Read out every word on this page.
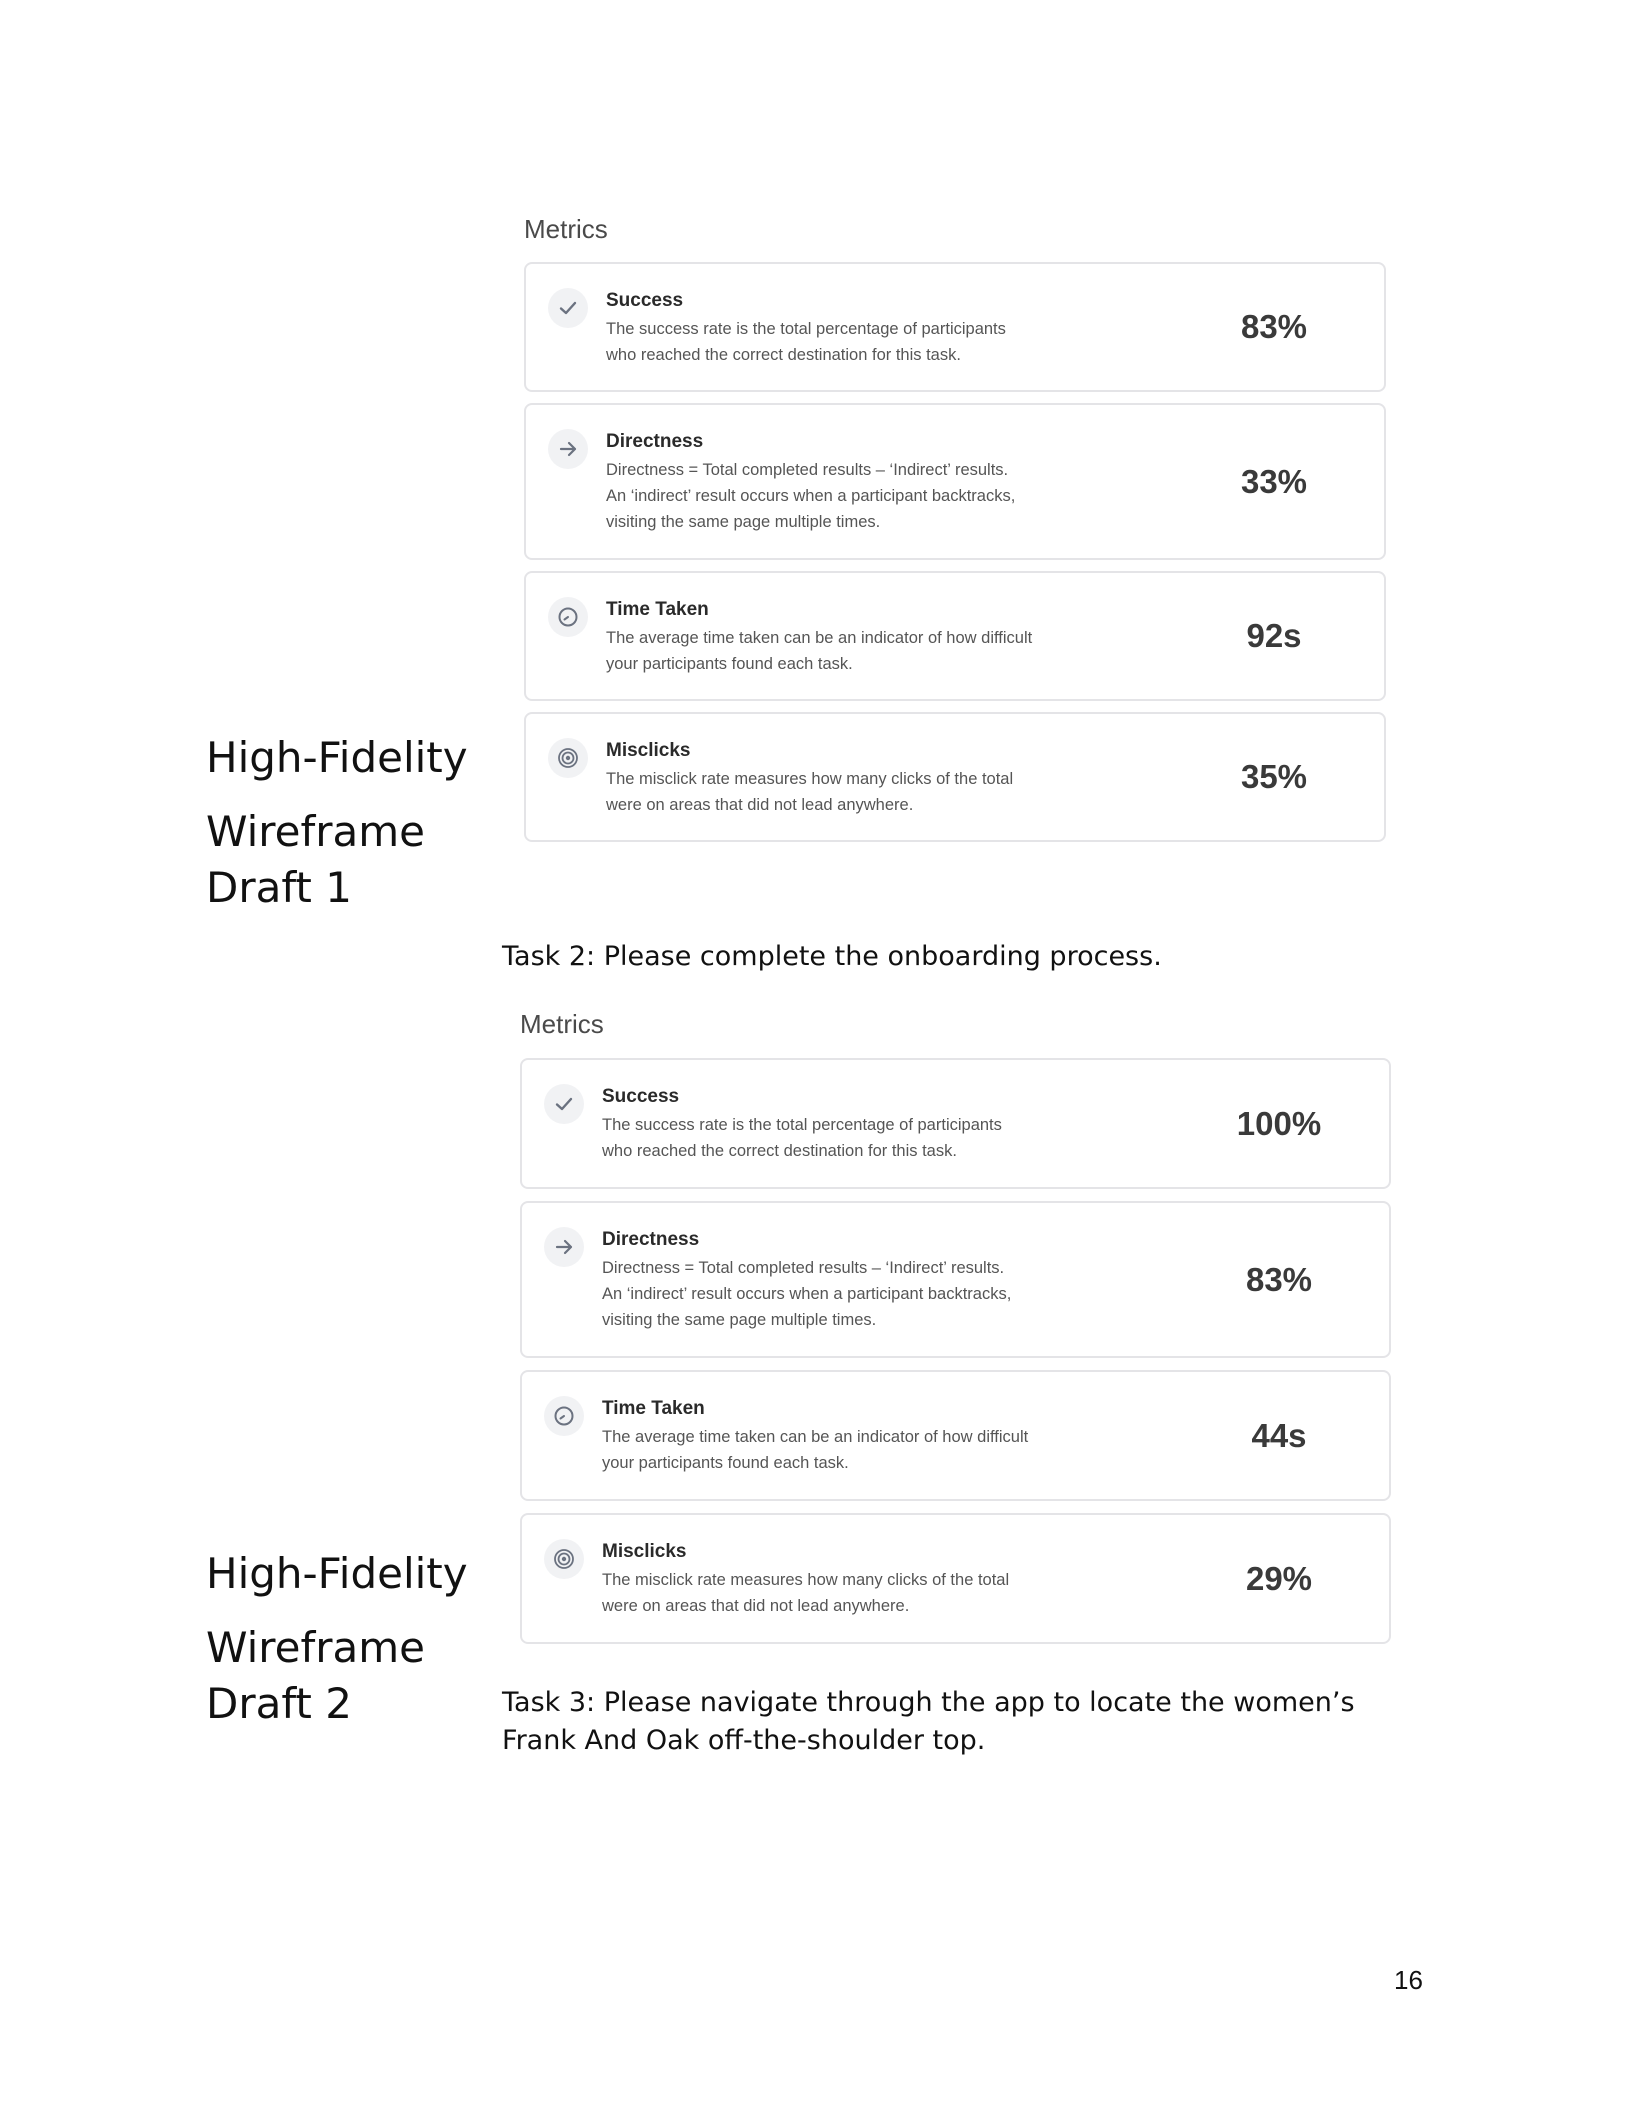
High-Fidelity

Wireframe

Draft 1

Metrics
Success
The success rate is the total percentage of participants
who reached the correct destination for this task.
83%
Directness
Directness = Total completed results – ‘Indirect’ results.
An ‘indirect’ result occurs when a participant backtracks,
visiting the same page multiple times.
33%
Time Taken
The average time taken can be an indicator of how difficult
your participants found each task.
92s
Misclicks
The misclick rate measures how many clicks of the total
were on areas that did not lead anywhere.
35%

Task 2: Please complete the onboarding process.

Metrics
Success
The success rate is the total percentage of participants
who reached the correct destination for this task.
100%
Directness
Directness = Total completed results – ‘Indirect’ results.
An ‘indirect’ result occurs when a participant backtracks,
visiting the same page multiple times.
83%
Time Taken
The average time taken can be an indicator of how difficult
your participants found each task.
44s
Misclicks
The misclick rate measures how many clicks of the total
were on areas that did not lead anywhere.
29%

High-Fidelity

Wireframe

Draft 2	Task 3: Please navigate through the app to locate the women’s
Frank And Oak off-the-shoulder top.

16
